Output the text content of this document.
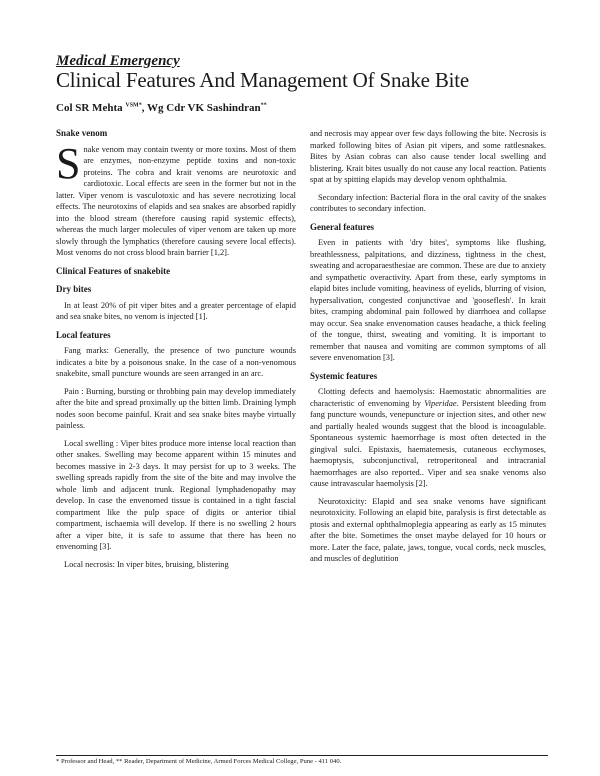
Medical Emergency
Clinical Features And Management Of Snake Bite
Col SR Mehta $^{VSM*}$, Wg Cdr VK Sashindran**
Snake venom

Snake venom may contain twenty or more toxins. Most of them are enzymes, non-enzyme peptide toxins and non-toxic proteins. The cobra and krait venoms are neurotoxic and cardiotoxic. Local effects are seen in the former but not in the latter. Viper venom is vasculotoxic and has severe necrotizing local effects. The neurotoxins of elapids and sea snakes are absorbed rapidly into the blood stream (therefore causing rapid systemic effects), whereas the much larger molecules of viper venom are taken up more slowly through the lymphatics (therefore causing severe local effects). Most venoms do not cross blood brain barrier [1,2].

Clinical Features of snakebite
Dry bites

In at least 20% of pit viper bites and a greater percentage of elapid and sea snake bites, no venom is injected [1].

Local features

Fang marks: Generally, the presence of two puncture wounds indicates a bite by a poisonous snake. In the case of a non-venomous snakebite, small puncture wounds are seen arranged in an arc.

Pain : Burning, bursting or throbbing pain may develop immediately after the bite and spread proximally up the bitten limb. Draining lymph nodes soon become painful. Krait and sea snake bites maybe virtually painless.

Local swelling : Viper bites produce more intense local reaction than other snakes. Swelling may become apparent within 15 minutes and becomes massive in 2-3 days. It may persist for up to 3 weeks. The swelling spreads rapidly from the site of the bite and may involve the whole limb and adjacent trunk. Regional lymphadenopathy may develop. In case the envenomed tissue is contained in a tight fascial compartment like the pulp space of digits or anterior tibial compartment, ischaemia will develop. If there is no swelling 2 hours after a viper bite, it is safe to assume that there has been no envenoming [3].

Local necrosis: In viper bites, bruising, blistering

and necrosis may appear over few days following the bite. Necrosis is marked following bites of Asian pit vipers, and some rattlesnakes. Bites by Asian cobras can also cause tender local swelling and blistering. Krait bites usually do not cause any local reaction. Patients spat at by spitting elapids may develop venom ophthalmia.

Secondary infection: Bacterial flora in the oral cavity of the snakes contributes to secondary infection.

General features

Even in patients with 'dry bites', symptoms like flushing, breathlessness, palpitations, and dizziness, tightness in the chest, sweating and acroparaesthesiae are common. These are due to anxiety and sympathetic overactivity. Apart from these, early symptoms in elapid bites include vomiting, heaviness of eyelids, blurring of vision, hypersalivation, congested conjunctivae and 'gooseflesh'. In krait bites, cramping abdominal pain followed by diarrhoea and collapse may occur. Sea snake envenomation causes headache, a thick feeling of the tongue, thirst, sweating and vomiting. It is important to remember that nausea and vomiting are common symptoms of all severe envenomation [3].

Systemic features

Clotting defects and haemolysis: Haemostatic abnormalities are characteristic of envenoming by Viperidae. Persistent bleeding from fang puncture wounds, venepuncture or injection sites, and other new and partially healed wounds suggest that the blood is incoagulable. Spontaneous systemic haemorrhage is most often detected in the gingival sulci. Epistaxis, haematemesis, cutaneous ecchymoses, haemoptysis, subconjunctival, retroperitoneal and intracranial haemorrhages are also reported.. Viper and sea snake venoms also cause intravascular haemolysis [2].

Neurotoxicity: Elapid and sea snake venoms have significant neurotoxicity. Following an elapid bite, paralysis is first detectable as ptosis and external ophthalmoplegia appearing as early as 15 minutes after the bite. Sometimes the onset maybe delayed for 10 hours or more. Later the face, palate, jaws, tongue, vocal cords, neck muscles, and muscles of deglutition

* Professor and Head, ** Reader, Department of Medicine, Armed Forces Medical College, Pune - 411 040.
